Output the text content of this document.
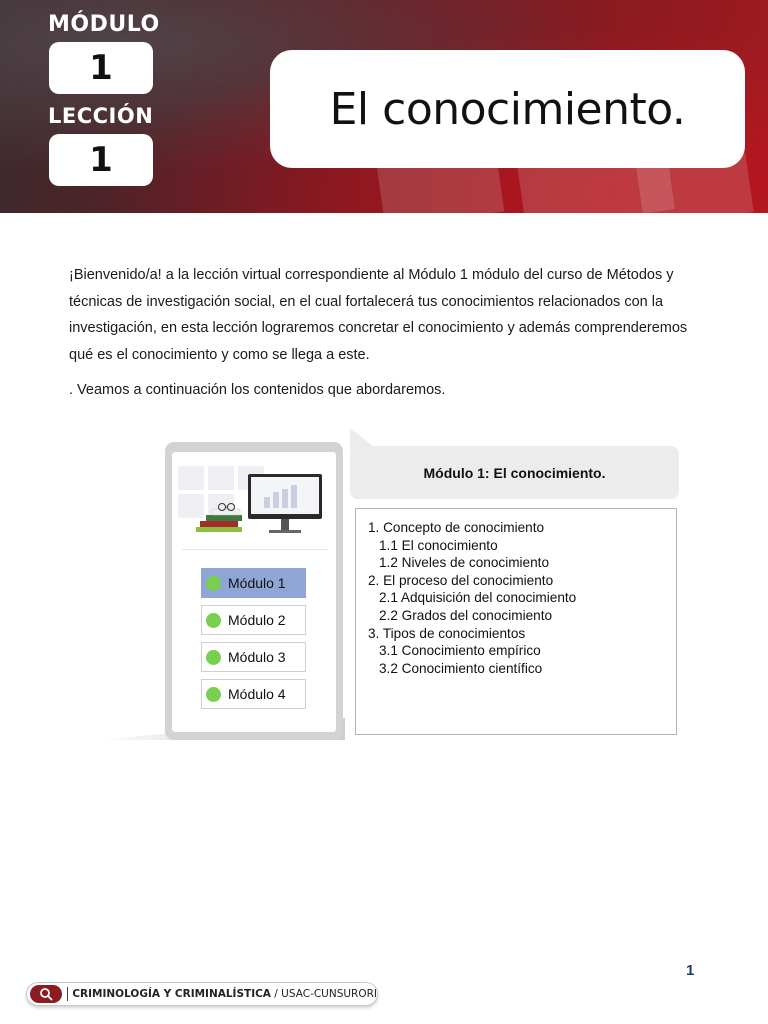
MÓDULO
1
LECCIÓN
1
El conocimiento.

¡Bienvenido/a! a la lección virtual correspondiente al Módulo 1 módulo del curso de Métodos y técnicas de investigación social, en el cual fortalecerá tus conocimientos relacionados con la investigación, en esta lección lograremos concretar el conocimiento y además comprenderemos qué es el conocimiento y como se llega a este.

. Veamos a continuación los contenidos que abordaremos.

Módulo 1
Módulo 2
Módulo 3
Módulo 4
Módulo 1: El conocimiento.
1. Concepto de conocimiento
1.1 El conocimiento
1.2 Niveles de conocimiento
2. El proceso del conocimiento
2.1 Adquisición del conocimiento
2.2 Grados del conocimiento
3. Tipos de conocimientos
3.1 Conocimiento empírico
3.2 Conocimiento científico
1
CRIMINOLOGÍA Y CRIMINALÍSTICA / USAC-CUNSURORI
